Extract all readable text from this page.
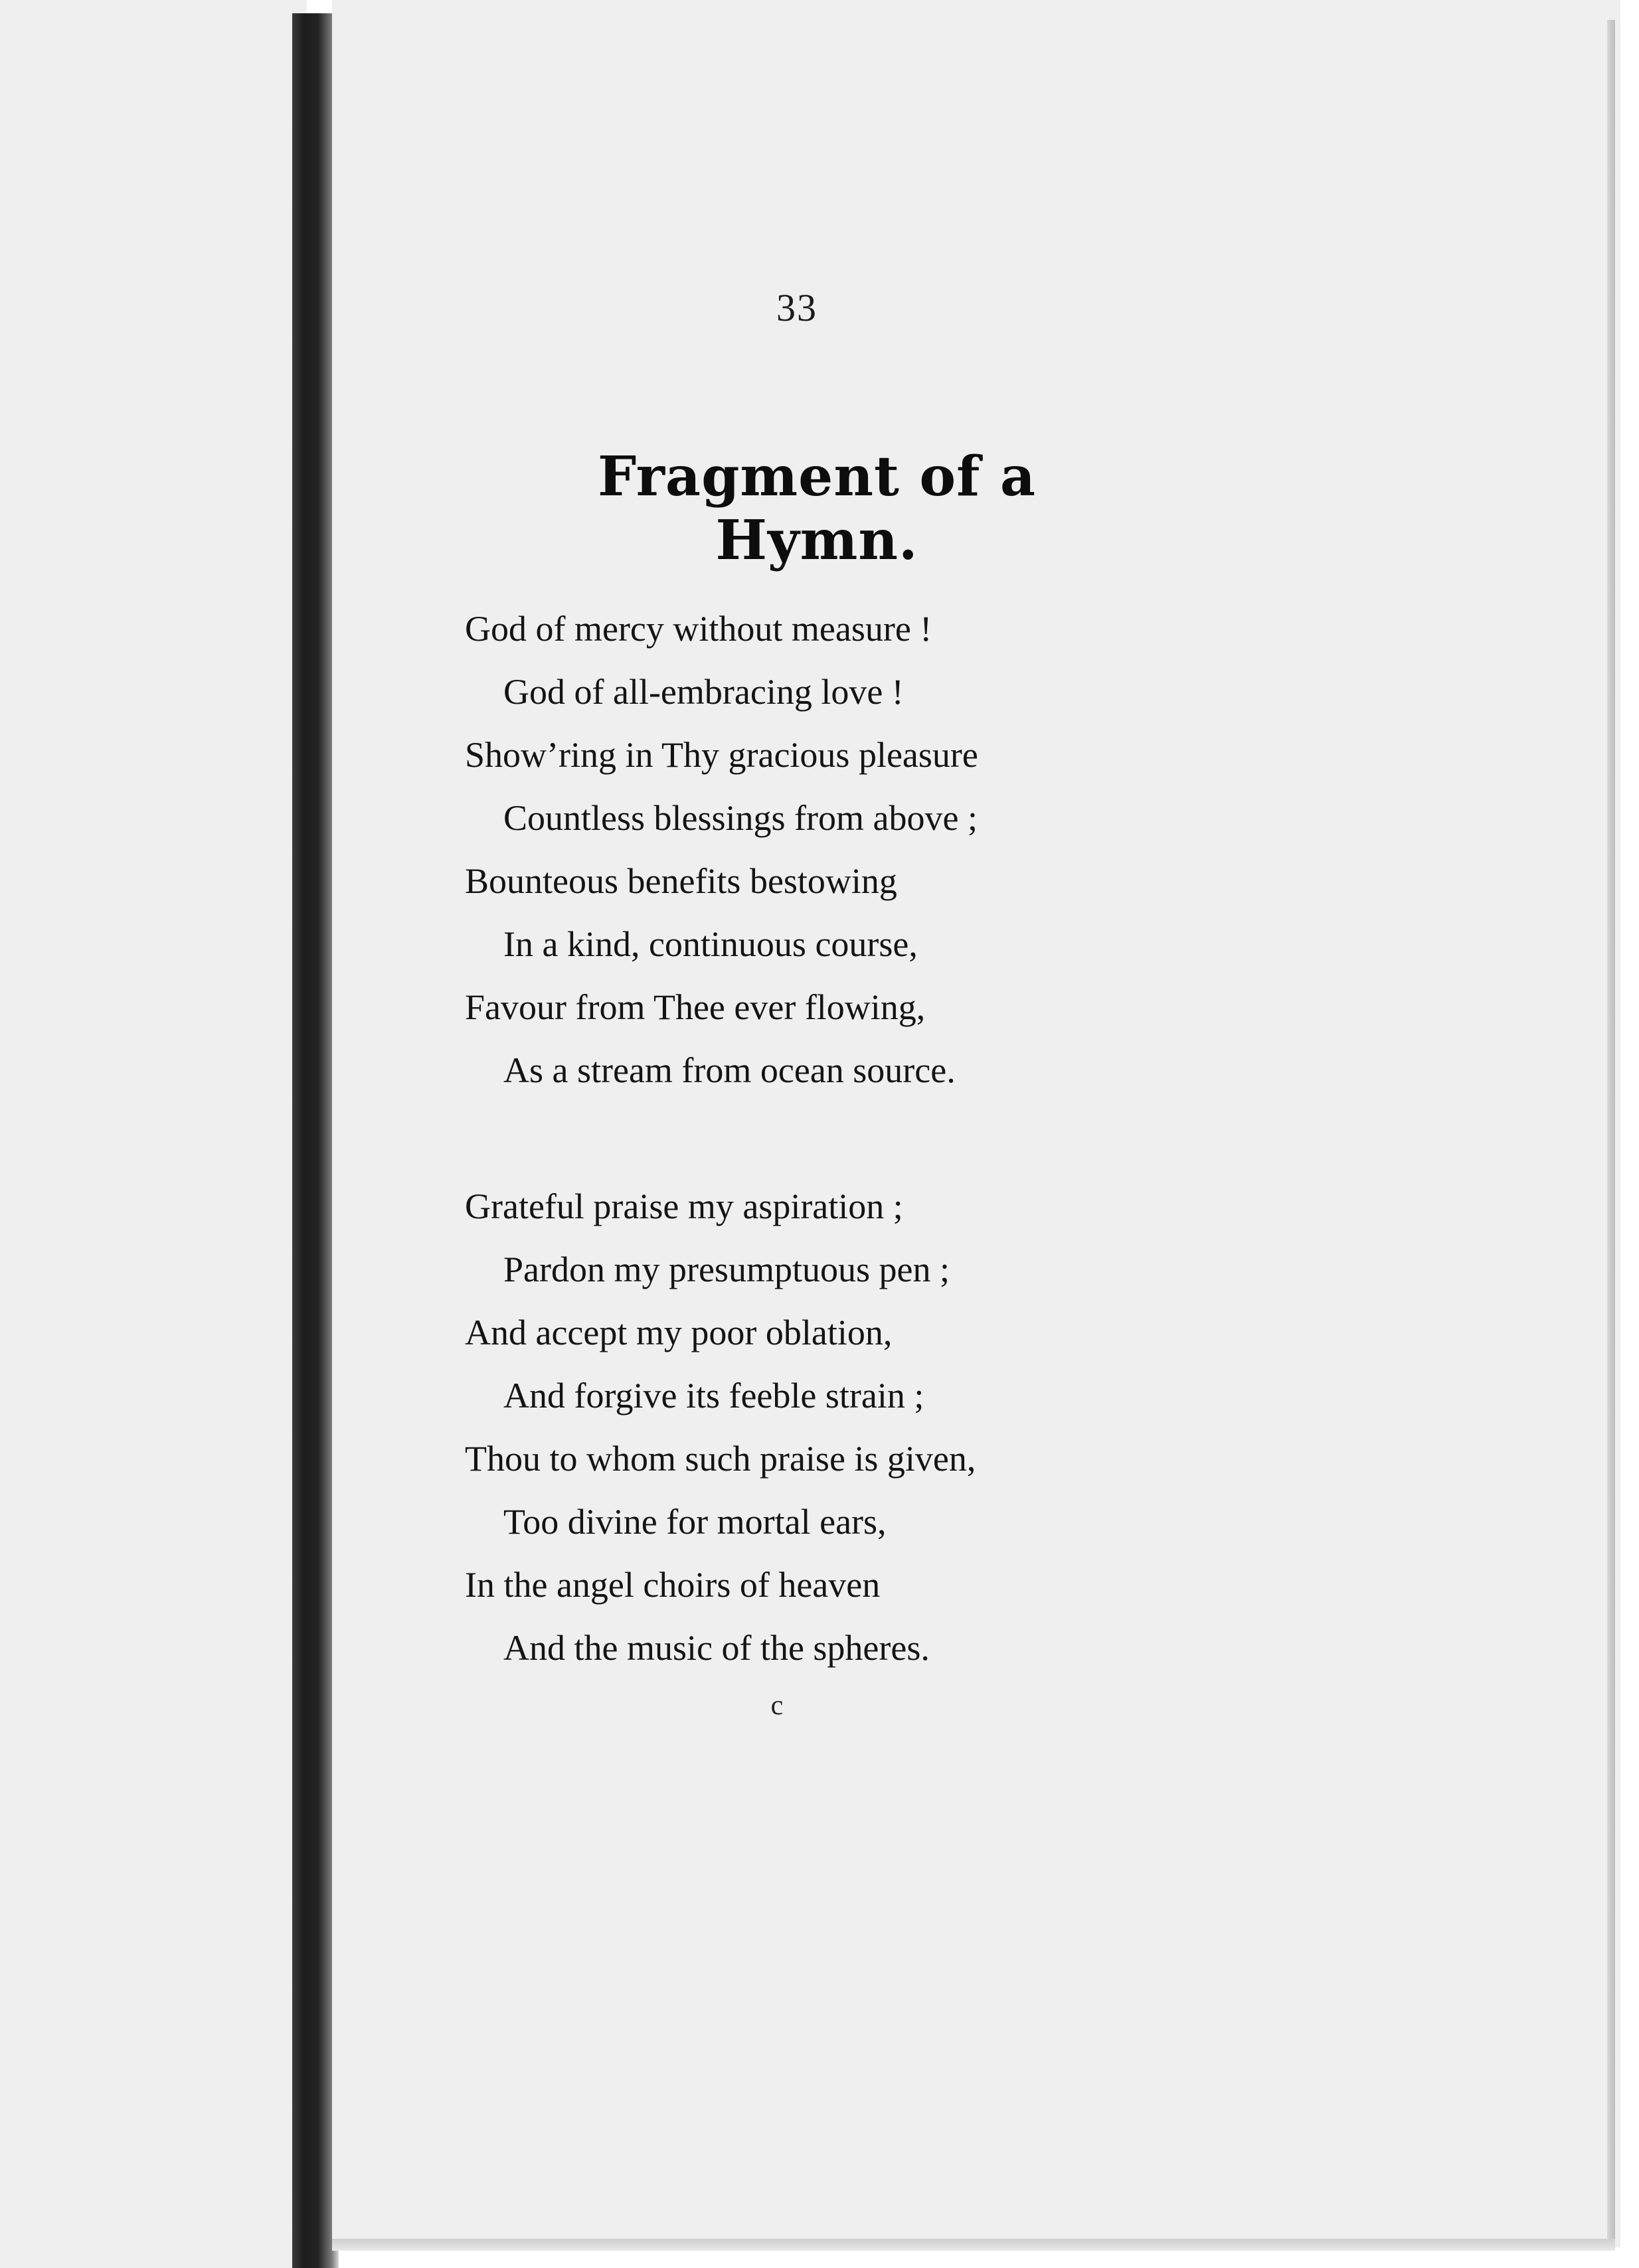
33
Fragment of a Hymn.
God of mercy without measure !
God of all-embracing love !
Show’ring in Thy gracious pleasure
Countless blessings from above ;
Bounteous benefits bestowing
In a kind, continuous course,
Favour from Thee ever flowing,
As a stream from ocean source.
Grateful praise my aspiration ;
Pardon my presumptuous pen ;
And accept my poor oblation,
And forgive its feeble strain ;
Thou to whom such praise is given,
Too divine for mortal ears,
In the angel choirs of heaven
And the music of the spheres.
c
